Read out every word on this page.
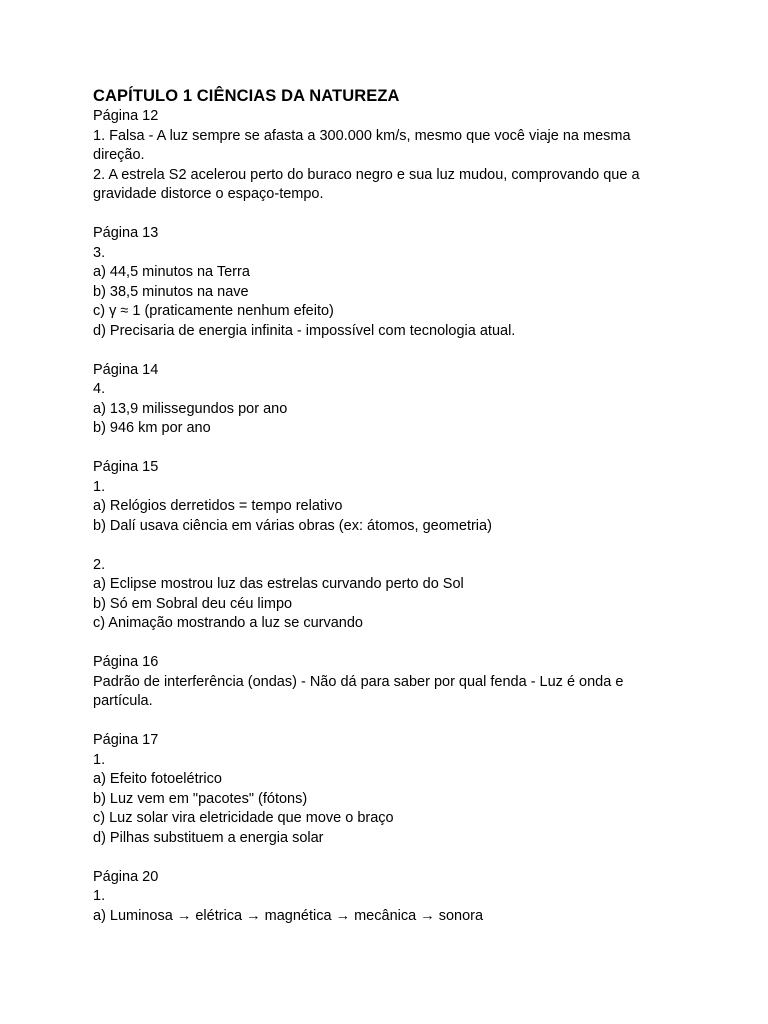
CAPÍTULO 1 CIÊNCIAS DA NATUREZA

Página 12

1. Falsa - A luz sempre se afasta a 300.000 km/s, mesmo que você viaje na mesma direção.

2. A estrela S2 acelerou perto do buraco negro e sua luz mudou, comprovando que a gravidade distorce o espaço-tempo.

Página 13

3.

a) 44,5 minutos na Terra

b) 38,5 minutos na nave

c) γ ≈ 1 (praticamente nenhum efeito)

d) Precisaria de energia infinita - impossível com tecnologia atual.

Página 14

4.

a) 13,9 milissegundos por ano

b) 946 km por ano

Página 15

1.

a) Relógios derretidos = tempo relativo

b) Dalí usava ciência em várias obras (ex: átomos, geometria)

2.

a) Eclipse mostrou luz das estrelas curvando perto do Sol

b) Só em Sobral deu céu limpo

c) Animação mostrando a luz se curvando

Página 16

Padrão de interferência (ondas) - Não dá para saber por qual fenda - Luz é onda e partícula.

Página 17

1.

a) Efeito fotoelétrico

b) Luz vem em "pacotes" (fótons)

c) Luz solar vira eletricidade que move o braço

d) Pilhas substituem a energia solar

Página 20

1.

a) Luminosa → elétrica → magnética → mecânica → sonora
